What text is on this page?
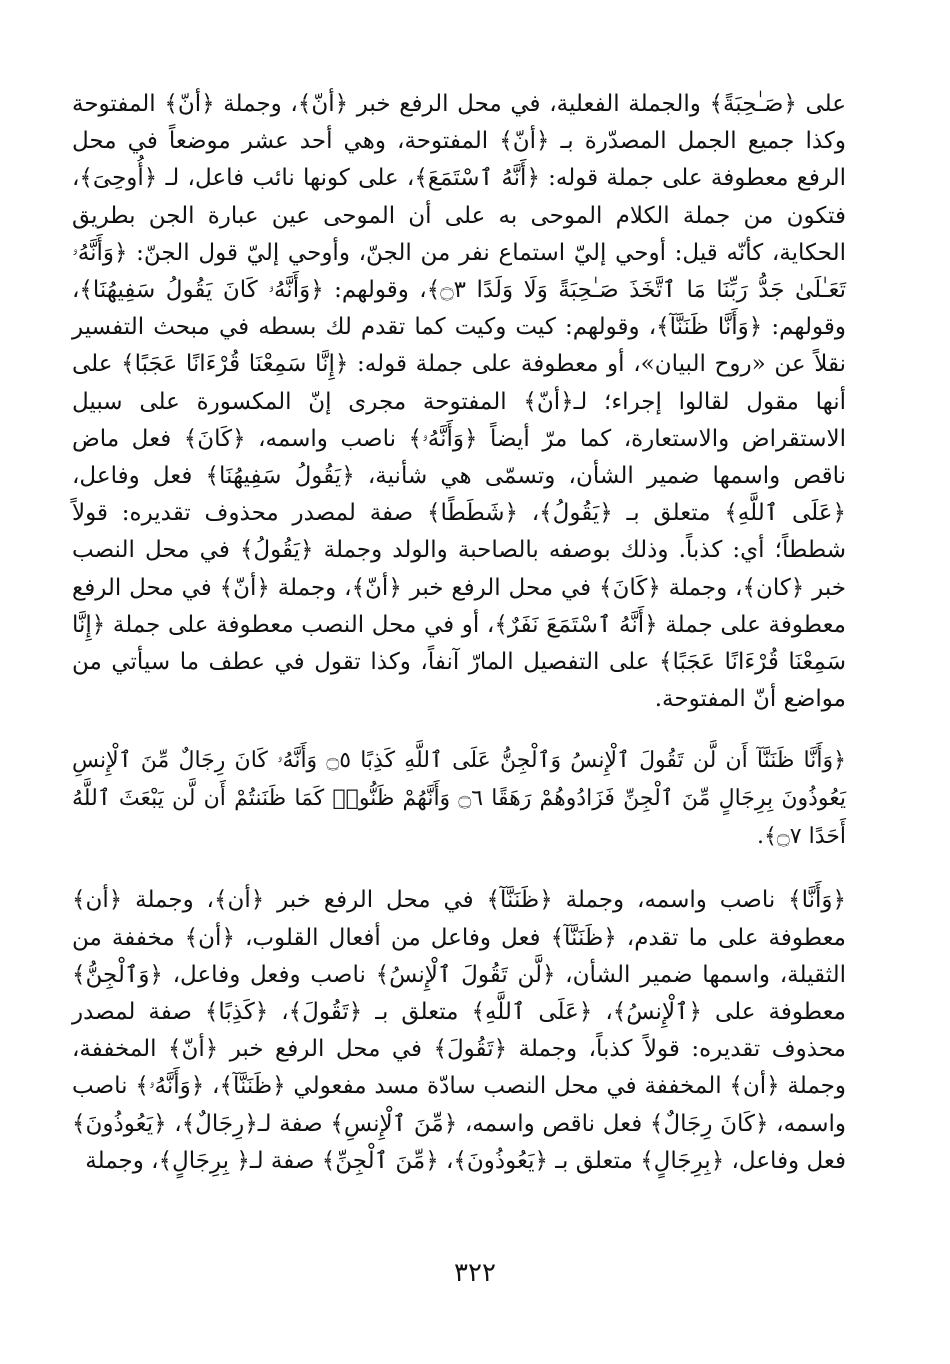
على ﴿صَـٰحِبَةً﴾ والجملة الفعلية، في محل الرفع خبر ﴿أنّ﴾، وجملة ﴿أنّ﴾ المفتوحة وكذا جميع الجمل المصدّرة بـ ﴿أنّ﴾ المفتوحة، وهي أحد عشر موضعاً في محل الرفع معطوفة على جملة قوله: ﴿أَنَّهُ ٱسْتَمَعَ﴾، على كونها نائب فاعل، لـ ﴿أُوحِىَ﴾، فتكون من جملة الكلام الموحى به على أن الموحى عين عبارة الجن بطريق الحكاية، كأنّه قيل: أوحي إليّ استماع نفر من الجنّ، وأوحي إليّ قول الجنّ: ﴿وَأَنَّهُۥ تَعَـٰلَىٰ جَدُّ رَبِّنَا مَا ٱتَّخَذَ صَـٰحِبَةً وَلَا وَلَدًا ۝٣﴾، وقولهم: ﴿وَأَنَّهُۥ كَانَ يَقُولُ سَفِيهُنَا﴾، وقولهم: ﴿وَأَنَّا ظَنَنَّآ﴾، وقولهم: كيت وكيت كما تقدم لك بسطه في مبحث التفسير نقلاً عن «روح البيان»، أو معطوفة على جملة قوله: ﴿إِنَّا سَمِعْنَا قُرْءَانًا عَجَبًا﴾ على أنها مقول لقالوا إجراء؛ لـ﴿أنّ﴾ المفتوحة مجرى إنّ المكسورة على سبيل الاستقراض والاستعارة، كما مرّ أيضاً ﴿وَأَنَّهُۥ﴾ ناصب واسمه، ﴿كَانَ﴾ فعل ماض ناقص واسمها ضمير الشأن، وتسمّى هي شأنية، ﴿يَقُولُ سَفِيهُنَا﴾ فعل وفاعل، ﴿عَلَى ٱللَّهِ﴾ متعلق بـ ﴿يَقُولُ﴾، ﴿شَطَطًا﴾ صفة لمصدر محذوف تقديره: قولاً شططاً؛ أي: كذباً. وذلك بوصفه بالصاحبة والولد وجملة ﴿يَقُولُ﴾ في محل النصب خبر ﴿كان﴾، وجملة ﴿كَانَ﴾ في محل الرفع خبر ﴿أنّ﴾، وجملة ﴿أنّ﴾ في محل الرفع معطوفة على جملة ﴿أَنَّهُ ٱسْتَمَعَ نَفَرٌ﴾، أو في محل النصب معطوفة على جملة ﴿إِنَّا سَمِعْنَا قُرْءَانًا عَجَبًا﴾ على التفصيل المارّ آنفاً، وكذا تقول في عطف ما سيأتي من مواضع أنّ المفتوحة.

﴿وَأَنَّا ظَنَنَّآ أَن لَّن تَقُولَ ٱلْإِنسُ وَٱلْجِنُّ عَلَى ٱللَّهِ كَذِبًا ۝٥ وَأَنَّهُۥ كَانَ رِجَالٌ مِّنَ ٱلْإِنسِ يَعُوذُونَ بِرِجَالٍ مِّنَ ٱلْجِنِّ فَزَادُوهُمْ رَهَقًا ۝٦ وَأَنَّهُمْ ظَنُّوا۟ كَمَا ظَنَنتُمْ أَن لَّن يَبْعَثَ ٱللَّهُ أَحَدًا ۝٧﴾.

﴿وَأَنَّا﴾ ناصب واسمه، وجملة ﴿ظَنَنَّآ﴾ في محل الرفع خبر ﴿أن﴾، وجملة ﴿أن﴾ معطوفة على ما تقدم، ﴿ظَنَنَّآ﴾ فعل وفاعل من أفعال القلوب، ﴿أن﴾ مخففة من الثقيلة، واسمها ضمير الشأن، ﴿لَّن تَقُولَ ٱلْإِنسُ﴾ ناصب وفعل وفاعل، ﴿وَٱلْجِنُّ﴾ معطوفة على ﴿ٱلْإِنسُ﴾، ﴿عَلَى ٱللَّهِ﴾ متعلق بـ ﴿تَقُولَ﴾، ﴿كَذِبًا﴾ صفة لمصدر محذوف تقديره: قولاً كذباً، وجملة ﴿تَقُولَ﴾ في محل الرفع خبر ﴿أنّ﴾ المخففة، وجملة ﴿أن﴾ المخففة في محل النصب سادّة مسد مفعولي ﴿ظَنَنَّآ﴾، ﴿وَأَنَّهُۥ﴾ ناصب واسمه، ﴿كَانَ رِجَالٌ﴾ فعل ناقص واسمه، ﴿مِّنَ ٱلْإِنسِ﴾ صفة لـ﴿رِجَالٌ﴾، ﴿يَعُوذُونَ﴾ فعل وفاعل، ﴿بِرِجَالٍ﴾ متعلق بـ ﴿يَعُوذُونَ﴾، ﴿مِّنَ ٱلْجِنِّ﴾ صفة لـ﴿ بِرِجَالٍ﴾، وجملة

٣٢٢
